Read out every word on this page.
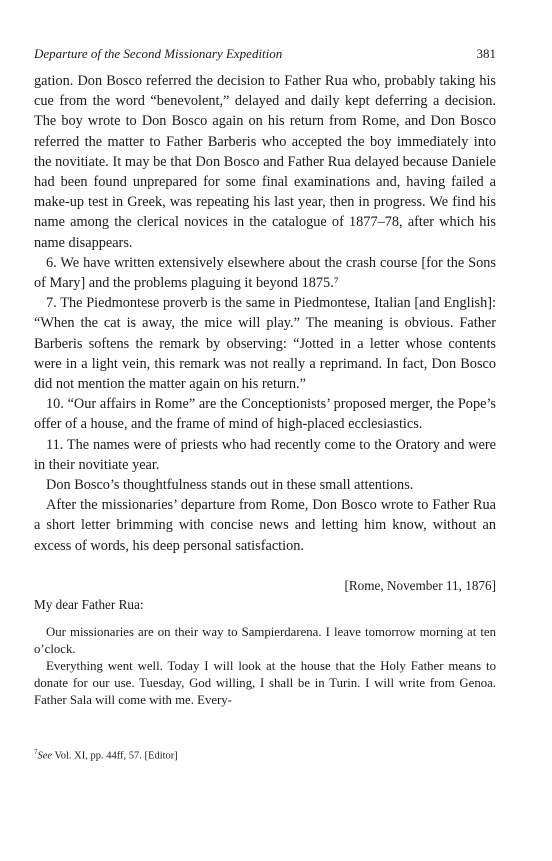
Departure of the Second Missionary Expedition	381

gation. Don Bosco referred the decision to Father Rua who, probably taking his cue from the word “benevolent,” delayed and daily kept deferring a decision. The boy wrote to Don Bosco again on his return from Rome, and Don Bosco referred the matter to Father Barberis who accepted the boy immediately into the novitiate. It may be that Don Bosco and Father Rua delayed because Daniele had been found unprepared for some final examinations and, having failed a make-up test in Greek, was repeating his last year, then in progress. We find his name among the clerical novices in the catalogue of 1877–78, after which his name disappears.

6. We have written extensively elsewhere about the crash course [for the Sons of Mary] and the problems plaguing it beyond 1875.⁷

7. The Piedmontese proverb is the same in Piedmontese, Italian [and English]: “When the cat is away, the mice will play.” The meaning is obvious. Father Barberis softens the remark by observing: “Jotted in a letter whose contents were in a light vein, this remark was not really a reprimand. In fact, Don Bosco did not mention the matter again on his return.”

10. “Our affairs in Rome” are the Conceptionists’ proposed merger, the Pope’s offer of a house, and the frame of mind of high-placed ecclesiastics.

11. The names were of priests who had recently come to the Oratory and were in their novitiate year.

Don Bosco’s thoughtfulness stands out in these small attentions.

After the missionaries’ departure from Rome, Don Bosco wrote to Father Rua a short letter brimming with concise news and letting him know, without an excess of words, his deep personal satisfaction.

[Rome, November 11, 1876]
My dear Father Rua:

Our missionaries are on their way to Sampierdarena. I leave tomorrow morning at ten o’clock.

Everything went well. Today I will look at the house that the Holy Father means to donate for our use. Tuesday, God willing, I shall be in Turin. I will write from Genoa. Father Sala will come with me. Every-

$^7$See Vol. XI, pp. 44ff, 57. [Editor]
